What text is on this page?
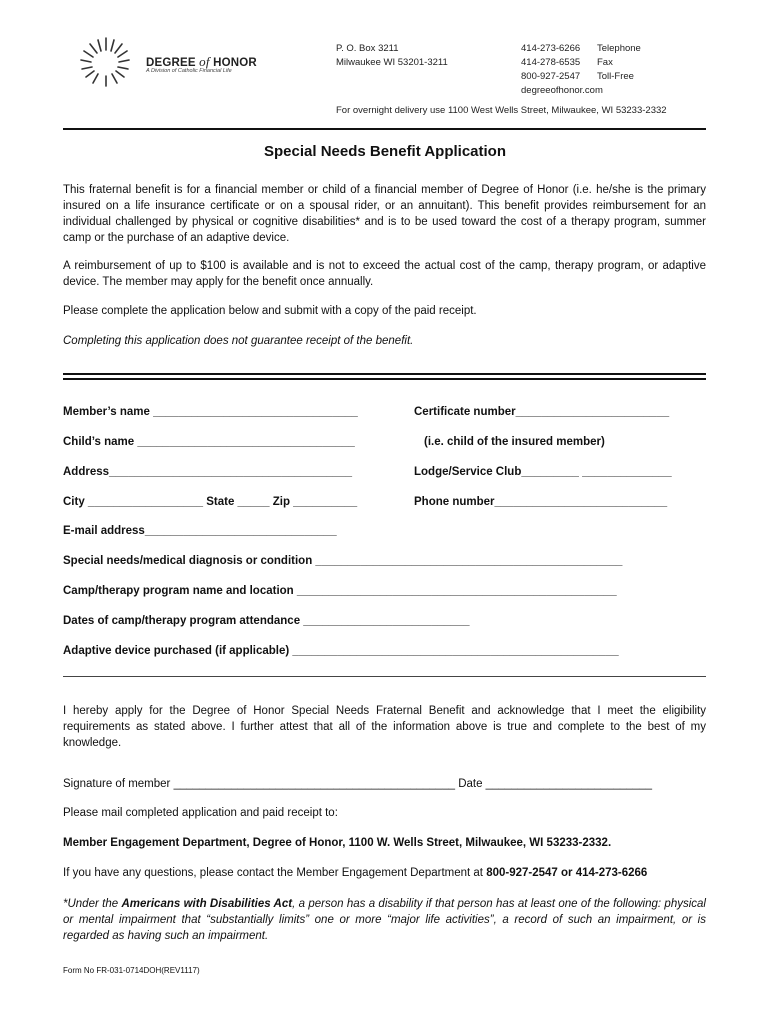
DEGREE of HONOR
A Division of Catholic Financial Life
P. O. Box 3211
Milwaukee WI 53201-3211
414-273-6266	Telephone
414-278-6535	Fax
800-927-2547	Toll-Free
degreeofhonor.com
For overnight delivery use 1100 West Wells Street, Milwaukee, WI 53233-2332
Special Needs Benefit Application

This fraternal benefit is for a financial member or child of a financial member of Degree of Honor (i.e. he/she is the primary insured on a life insurance certificate or on a spousal rider, or an annuitant). This benefit provides reimbursement for an individual challenged by physical or cognitive disabilities* and is to be used toward the cost of a therapy program, summer camp or the purchase of an adaptive device.

A reimbursement of up to $100 is available and is not to exceed the actual cost of the camp, therapy program, or adaptive device. The member may apply for the benefit once annually.

Please complete the application below and submit with a copy of the paid receipt.

Completing this application does not guarantee receipt of the benefit.

Member’s name ________________________________	Certificate number________________________
Child’s name __________________________________	(i.e. child of the insured member)
Address______________________________________	Lodge/Service Club_________ ______________
City __________________ State _____ Zip __________	Phone number___________________________
E-mail address______________________________
Special needs/medical diagnosis or condition ________________________________________________
Camp/therapy program name and location __________________________________________________
Dates of camp/therapy program attendance __________________________
Adaptive device purchased (if applicable) ___________________________________________________

I hereby apply for the Degree of Honor Special Needs Fraternal Benefit and acknowledge that I meet the eligibility requirements as stated above. I further attest that all of the information above is true and complete to the best of my knowledge.

Signature of member ____________________________________________ Date __________________________
Please mail completed application and paid receipt to:
Member Engagement Department, Degree of Honor, 1100 W. Wells Street, Milwaukee, WI 53233-2332.
If you have any questions, please contact the Member Engagement Department at 800-927-2547 or 414-273-6266

*Under the Americans with Disabilities Act, a person has a disability if that person has at least one of the following: physical or mental impairment that “substantially limits” one or more “major life activities”, a record of such an impairment, or is regarded as having such an impairment.

Form No FR-031-0714DOH(REV1117)
